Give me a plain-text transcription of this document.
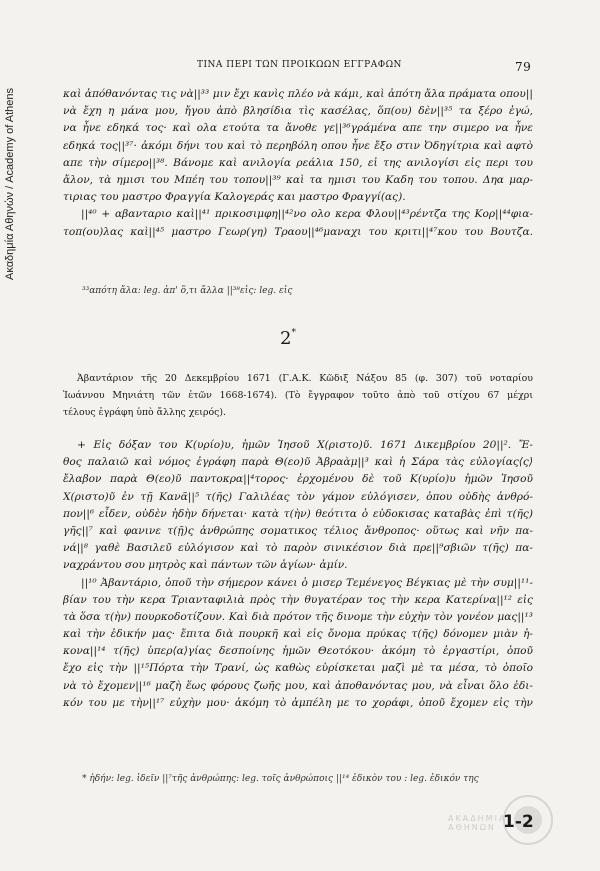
Ακαδημία Αθηνών / Academy of Athens
ΤΙΝΑ ΠΕΡΙ ΤΩΝ ΠΡΟΙΚΩΩΝ ΕΓΓΡΑΦΩΝ	79
καὶ ἀπόθανόντας τις νὰ||³³ μιν ἔχι κανὶς πλέο νὰ κάμι, καὶ ἀπότη ἄλα πράματα οπου||
νὰ ἔχη η μάνα μου, ἤγου ἀπὸ βλησίδια τὶς κασέλας, ὅπ(ου) δὲν||³⁵ τα ξέρο ἐγώ,
να ἦνε εδηκά τος· καὶ ολα ετούτα τα ἄνοθε γε||³⁶γράμένα απε την σιμερο να ἦνε
εδηκά τος||³⁷· ἀκόμι δήνι του καὶ τὸ περηβόλη οπου ἦνε ἔξο στιν Ὀδηγίτρια καὶ αφτὸ
απε τὴν σίμερο||³⁸. Βάνομε καὶ ανιλογία ρεάλια 150, εἰ της ανιλογίσι εἰς περι του
ἄλον, τὰ ημισι του Μπέη του τοπου||³⁹ καὶ τα ημισι του Καδη του τοπου. Δηα μαρ-
τιριας του μαστρο Φραγγία Καλογεράς και μαστρο Φραγγί(ας).
||⁴⁰ + αβανταριο καὶ||⁴¹ πρικοσιμφη||⁴²νο ολο κερα Φλου||⁴³ρέντζα της Κορ||⁴⁴φια-
τοπ(ου)λας καὶ||⁴⁵ μαστρο Γεωρ(γη) Τραου||⁴⁶μαναχι του κριτι||⁴⁷κου του Βουτζα.
³³απότη ἄλα: leg. ἀπ' ὅ,τι ἄλλα ||³⁸εἰς: leg. εἰς
2*
Ἀβαντάριον τῆς 20 Δεκεμβρίου 1671 (Γ.Α.Κ. Κῶδιξ Νάξου 85 (φ. 307) τοῦ νοταρίου
Ἰωάννου Μηνιάτη τῶν ἐτῶν 1668-1674). (Τὸ ἔγγραφον τοῦτο ἀπὸ τοῦ στίχου 67 μέχρι
τέλους ἐγράφη ὑπὸ ἄλλης χειρός).
+ Εἰς δόξαν του Κ(υρίο)υ, ἡμῶν Ἰησοῦ Χ(ριστο)ῦ. 1671 Δικεμβρίου 20||². Ἔ-
θος παλαιῶ καὶ νόμος ἐγράφη παρὰ Θ(εο)ῦ Ἀβραὰμ||³ καὶ ἡ Σάρα τὰς εὐλογίας⟨ς⟩
ἔλαβον παρὰ Θ(εο)ῦ παντοκρα||⁴τορος· ἐρχομένου δὲ τοῦ Κ(υρίο)υ ἡμῶν Ἰησοῦ
Χ(ριστο)ῦ ἐν τῇ Κανᾶ||⁵ τ(ῆς) Γαλιλέας τὸν γάμον εὐλόγισεν, ὁπου οὐδὴς ἀνθρό-
πον||⁶ εἶδεν, οὐδὲν ἠδὴν δήνεται· κατὰ τ(ὴν) θεότιτα ὁ εὐδοκισας καταβὰς ἐπὶ τ(ῆς)
γῆς||⁷ καὶ φανινε τ(ῇ)ς ἀνθρώπης σοματικος τέλιος ἄνθροπος· οὕτως καὶ νῆν πα-
νά||⁸ γαθὲ Βασιλεῦ εὐλόγισον καὶ τὸ παρὸν σινικέσιον διὰ πρε||⁹σβιῶν τ(ῆς) πα-
ναχράντου σου μητρὸς καὶ πάντων τῶν ἁγίων· ἀμίν.
||¹⁰ Ἀβαντάριο, ὁποῦ τὴν σήμερον κάνει ὁ μισερ Τεμένεγος Βέγκιας μὲ τὴν συμ||¹¹-
βίαν του τὴν κερα Τριανταφιλιὰ πρὸς τὴν θυγατέραν τος τὴν κερα Κατερίνα||¹² εἰς
τὰ ὅσα τ(ὴν) πουρκοδοτίζουν. Καὶ διὰ πρότον τῆς δινομε τὴν εὐχὴν τὸν γονέον μας||¹³
καὶ τὴν ἐδικήν μας· ἔπιτα διὰ πουρκῆ καὶ εἰς ὄνομα πρύκας τ(ῆς) δόνομεν μιὰν ἠ-
κονα||¹⁴ τ(ῆς) ὑπερ⟨α⟩γίας δεσποίνης ἡμῶν Θεοτόκου· ἀκόμη τὸ ἐργαστίρι, ὁποῦ
ἔχο εἰς τὴν ||¹⁵Πόρτα τὴν Τρανί, ὡς καθὼς εὑρίσκεται μαζὶ μὲ τα μέσα, τὸ ὁποῖο
νὰ τὸ ἔχομεν||¹⁶ μαζὴ ἕως φόρους ζωῆς μου, καὶ ἀποθανόντας μου, νὰ εἶναι ὅλο ἐδι-
κόν του με τὴν||¹⁷ εὐχὴν μου· ἀκόμη τὸ ἀμπέλη με το χοράφι, ὁποῦ ἔχομεν εἰς τὴν
* ἠδήν: leg. ἰδεῖν ||⁷τῆς ἀνθρώπης: leg. τοῖς ἀνθρώποις ||¹⁴ ἐδικὸν του : leg. ἐδικόν της
ΑΚΑΔΗΜΙΑ ΑΘΗΝΩΝ 1-2
